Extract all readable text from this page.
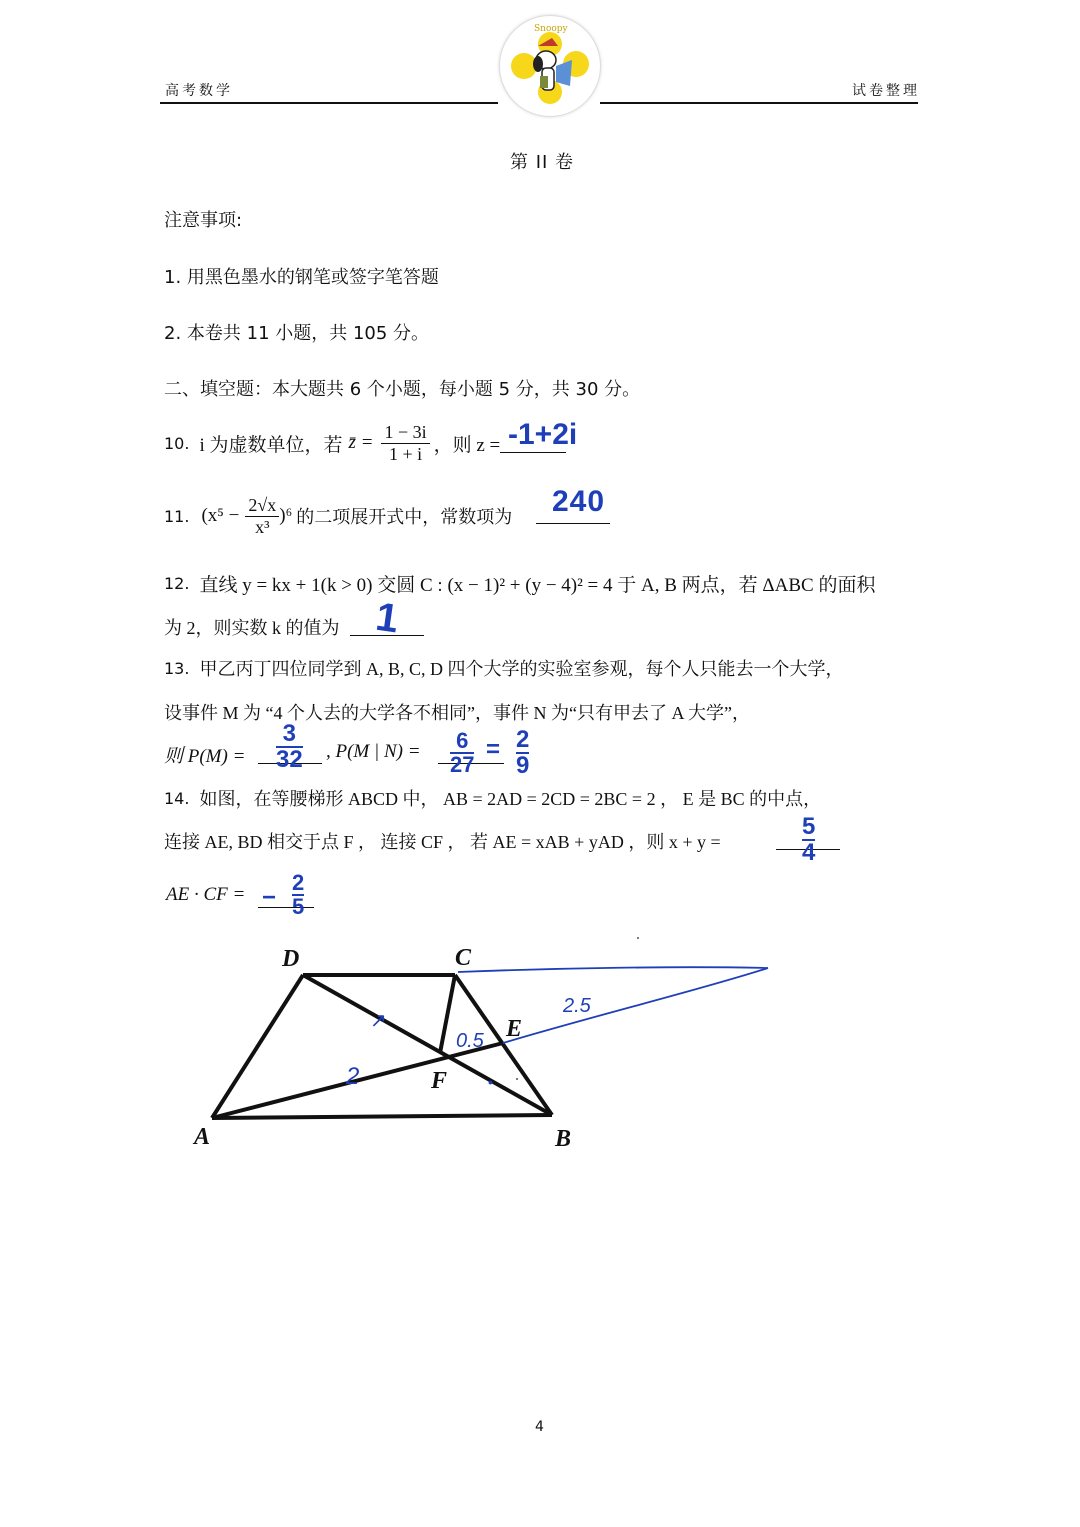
高考数学	试卷整理
Snoopy
第 II 卷
注意事项:
1. 用黑色墨水的钢笔或签字笔答题
2. 本卷共 11 小题，共 105 分。
二、填空题：本大题共 6 个小题，每小题 5 分，共 30 分。
10. i 为虚数单位，若 z̄ = $\frac{1 - 3i}{1 + i}$ ，则 z = -1+2i
11. $(x^5 - \frac{2√x}{\text{x³}} )^6$ 的二项展开式中，常数项为 240
12. 直线 y = kx + 1(k > 0) 交圆 C : (x − 1)² + (y − 4)² = 4 于 A, B 两点，若 ΔABC 的面积
为 2，则实数 k 的值为 1
13. 甲乙丙丁四位同学到 A, B, C, D 四个大学的实验室参观，每个人只能去一个大学，
设事件 M 为 “4 个人去的大学各不相同”，事件 N 为“只有甲去了 A 大学”，
则 $P(M) = \frac{3}{32}$ , P(M | $N) = \frac{6}{27} = \frac{2}{9}$
14. 如图，在等腰梯形 ABCD 中， AB = 2AD = 2CD = 2BC = 2 ， E 是 BC 的中点，
连接 AE, BD 相交于点 F ， 连接 CF ， 若 AE = xAB + yAD ，则 x + y =	$\frac{5}{4}$
AE · CF = − $\frac{2}{5}$
D	C
E
F
A	B
2
0.5
2.5
↗
•
4
